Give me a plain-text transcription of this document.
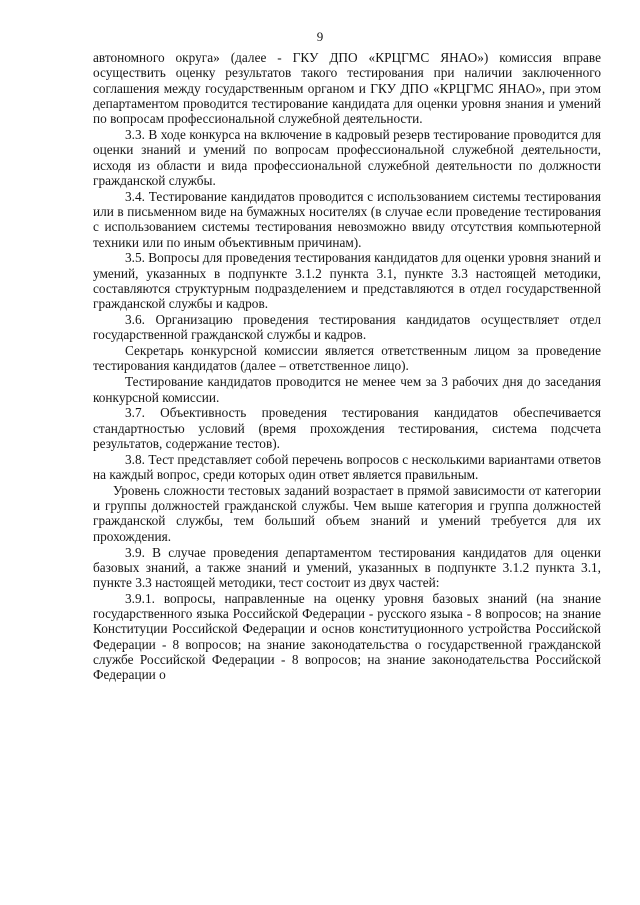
9

автономного округа» (далее - ГКУ ДПО «КРЦГМС ЯНАО») комиссия вправе осуществить оценку результатов такого тестирования при наличии заключенного соглашения между государственным органом и ГКУ ДПО «КРЦГМС ЯНАО», при этом департаментом проводится тестирование кандидата для оценки уровня знания и умений по вопросам профессиональной служебной деятельности.

3.3. В ходе конкурса на включение в кадровый резерв тестирование проводится для оценки знаний и умений по вопросам профессиональной служебной деятельности, исходя из области и вида профессиональной служебной деятельности по должности гражданской службы.

3.4. Тестирование кандидатов проводится с использованием системы тестирования или в письменном виде на бумажных носителях (в случае если проведение тестирования с использованием системы тестирования невозможно ввиду отсутствия компьютерной техники или по иным объективным причинам).

3.5. Вопросы для проведения тестирования кандидатов для оценки уровня знаний и умений, указанных в подпункте 3.1.2 пункта 3.1, пункте 3.3 настоящей методики, составляются структурным подразделением и представляются в отдел государственной гражданской службы и кадров.

3.6. Организацию проведения тестирования кандидатов осуществляет отдел государственной гражданской службы и кадров.

Секретарь конкурсной комиссии является ответственным лицом за проведение тестирования кандидатов (далее – ответственное лицо).

Тестирование кандидатов проводится не менее чем за 3 рабочих дня до заседания конкурсной комиссии.

3.7. Объективность проведения тестирования кандидатов обеспечивается стандартностью условий (время прохождения тестирования, система подсчета результатов, содержание тестов).

3.8. Тест представляет собой перечень вопросов с несколькими вариантами ответов на каждый вопрос, среди которых один ответ является правильным.

Уровень сложности тестовых заданий возрастает в прямой зависимости от категории и группы должностей гражданской службы. Чем выше категория и группа должностей гражданской службы, тем больший объем знаний и умений требуется для их прохождения.

3.9. В случае проведения департаментом тестирования кандидатов для оценки базовых знаний, а также знаний и умений, указанных в подпункте 3.1.2 пункта 3.1, пункте 3.3 настоящей методики, тест состоит из двух частей:

3.9.1. вопросы, направленные на оценку уровня базовых знаний (на знание государственного языка Российской Федерации - русского языка - 8 вопросов; на знание Конституции Российской Федерации и основ конституционного устройства Российской Федерации - 8 вопросов; на знание законодательства о государственной гражданской службе Российской Федерации - 8 вопросов; на знание законодательства Российской Федерации о
